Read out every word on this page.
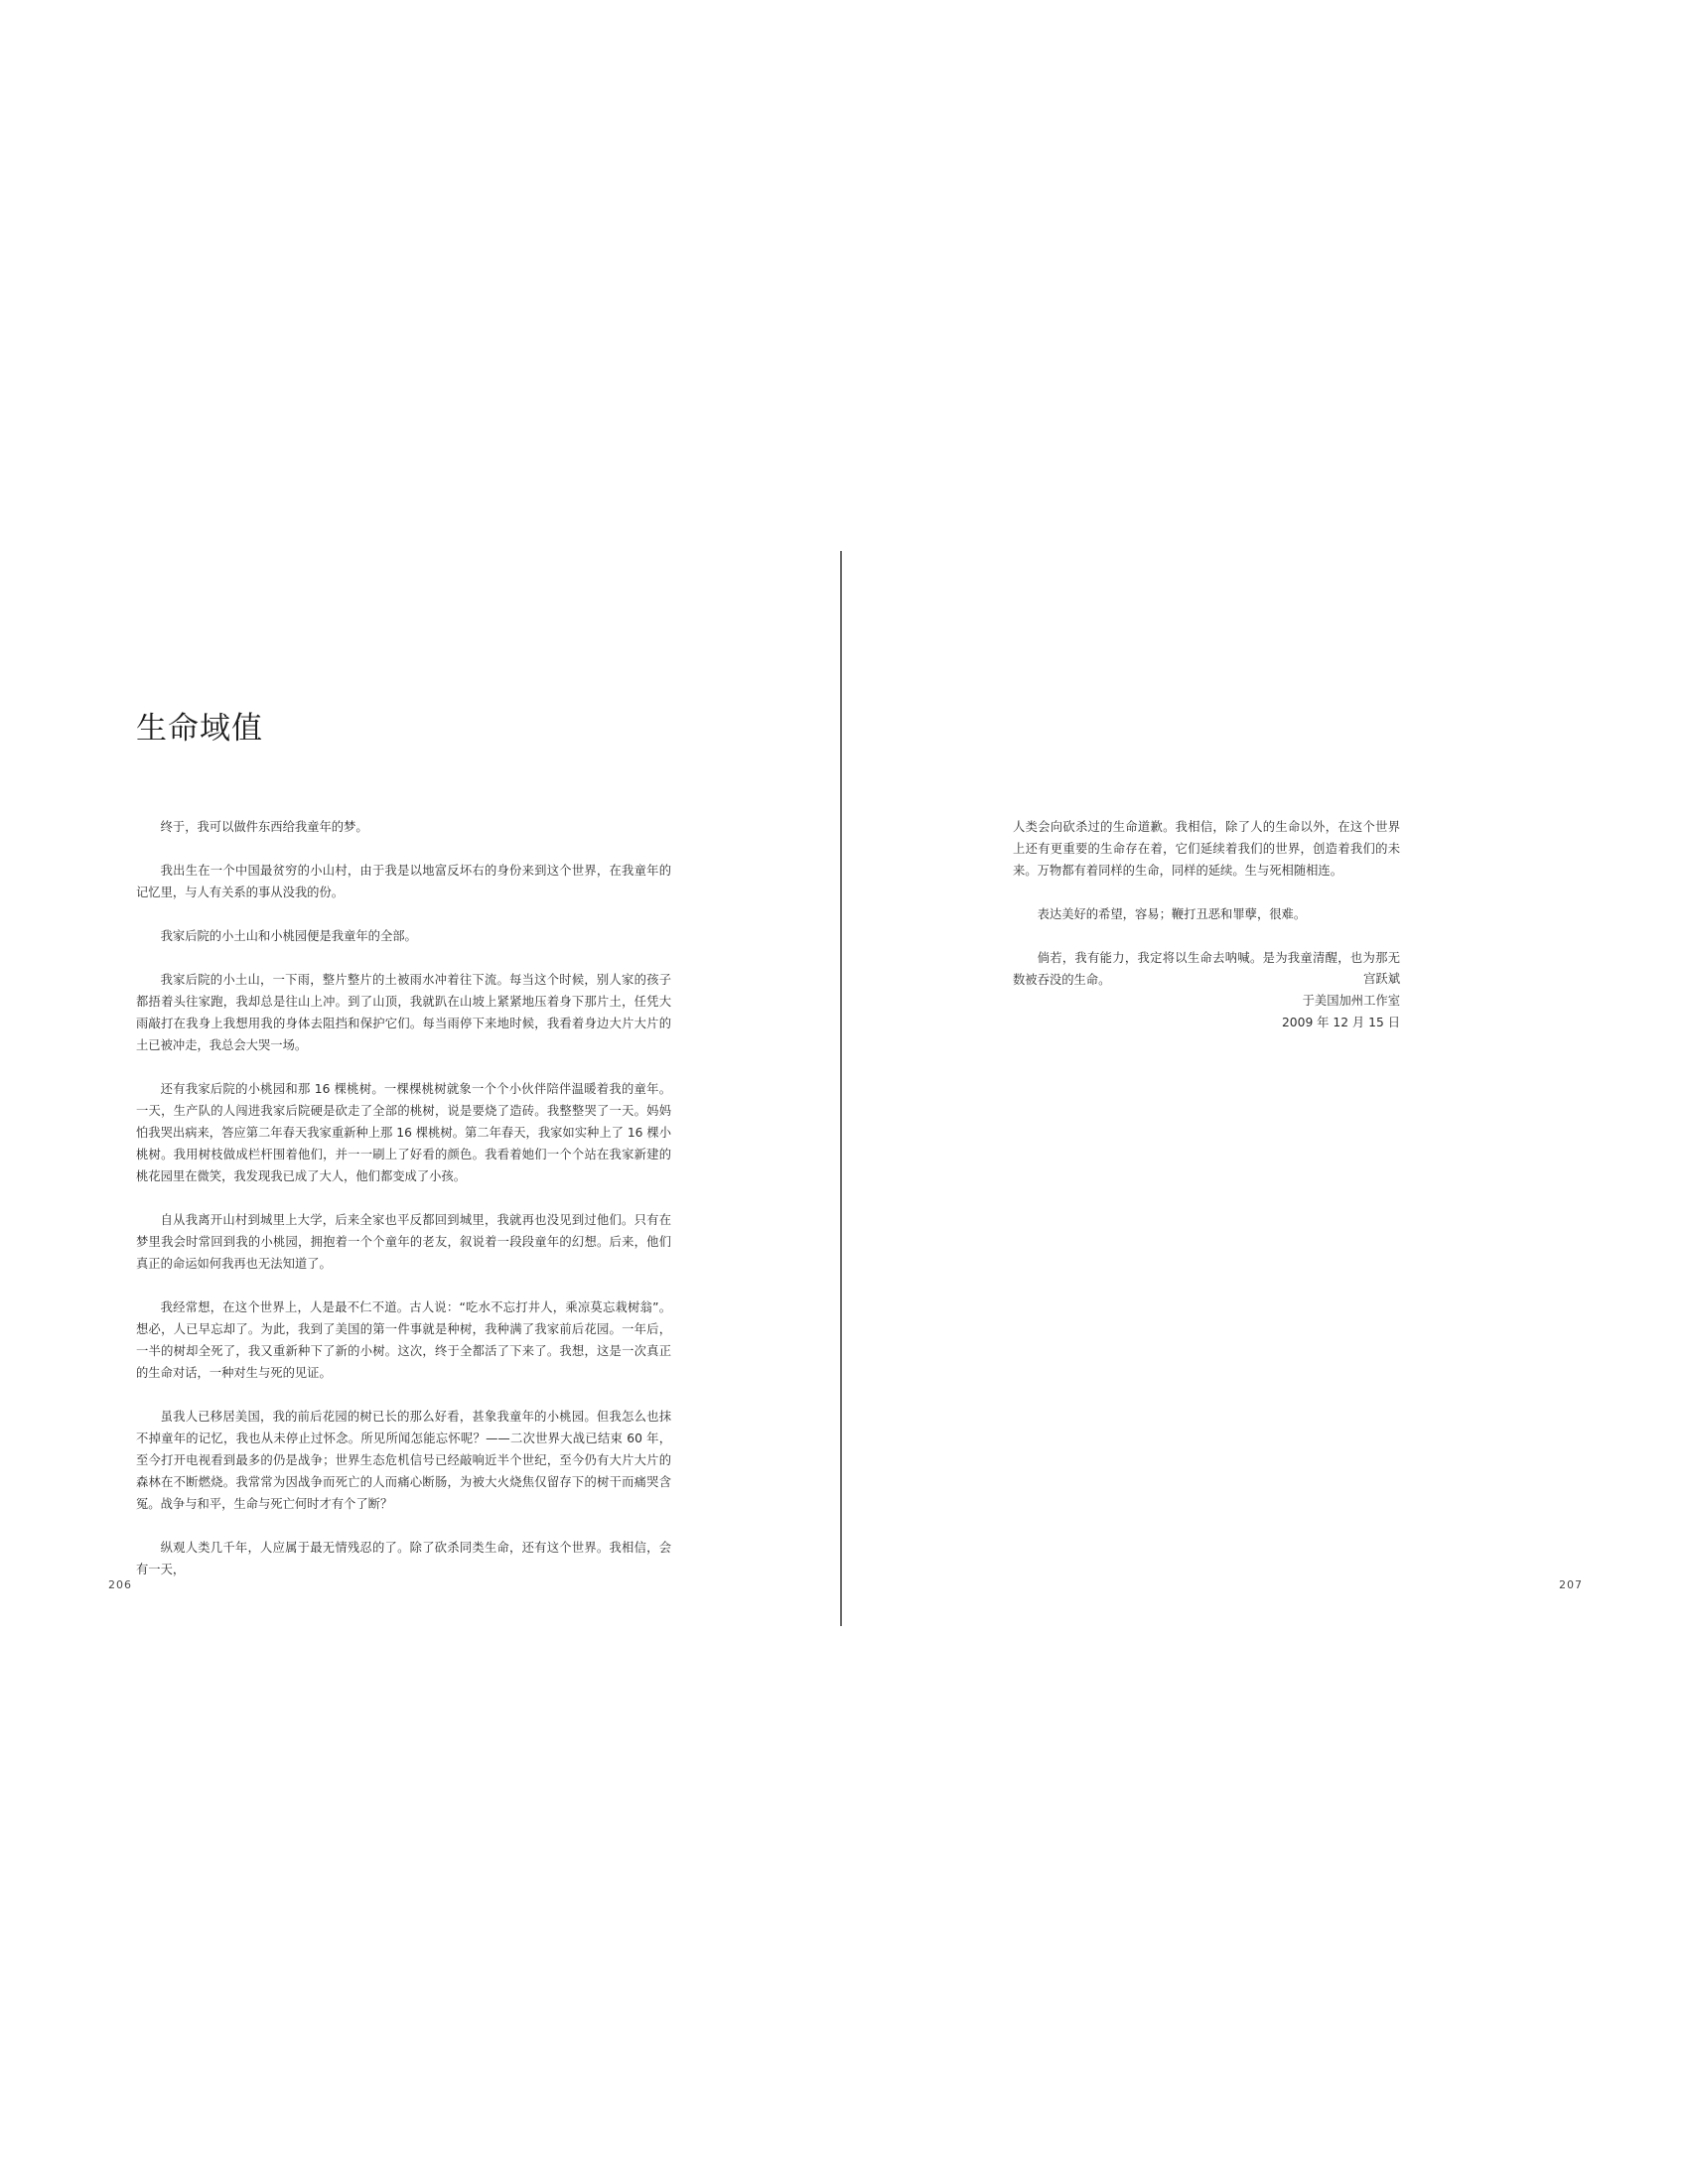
生命域值

终于，我可以做件东西给我童年的梦。

我出生在一个中国最贫穷的小山村，由于我是以地富反坏右的身份来到这个世界，在我童年的记忆里，与人有关系的事从没我的份。

我家后院的小土山和小桃园便是我童年的全部。

我家后院的小土山，一下雨，整片整片的土被雨水冲着往下流。每当这个时候，别人家的孩子都捂着头往家跑，我却总是往山上冲。到了山顶，我就趴在山坡上紧紧地压着身下那片土，任凭大雨敲打在我身上我想用我的身体去阻挡和保护它们。每当雨停下来地时候，我看着身边大片大片的土已被冲走，我总会大哭一场。

还有我家后院的小桃园和那 16 棵桃树。一棵棵桃树就象一个个小伙伴陪伴温暖着我的童年。一天，生产队的人闯进我家后院硬是砍走了全部的桃树，说是要烧了造砖。我整整哭了一天。妈妈怕我哭出病来，答应第二年春天我家重新种上那 16 棵桃树。第二年春天，我家如实种上了 16 棵小桃树。我用树枝做成栏杆围着他们，并一一刷上了好看的颜色。我看着她们一个个站在我家新建的桃花园里在微笑，我发现我已成了大人，他们都变成了小孩。

自从我离开山村到城里上大学，后来全家也平反都回到城里，我就再也没见到过他们。只有在梦里我会时常回到我的小桃园，拥抱着一个个童年的老友，叙说着一段段童年的幻想。后来，他们真正的命运如何我再也无法知道了。

我经常想，在这个世界上，人是最不仁不道。古人说：“吃水不忘打井人，乘凉莫忘栽树翁”。想必，人已早忘却了。为此，我到了美国的第一件事就是种树，我种满了我家前后花园。一年后，一半的树却全死了，我又重新种下了新的小树。这次，终于全都活了下来了。我想，这是一次真正的生命对话，一种对生与死的见证。

虽我人已移居美国，我的前后花园的树已长的那么好看，甚象我童年的小桃园。但我怎么也抹不掉童年的记忆，我也从未停止过怀念。所见所闻怎能忘怀呢？——二次世界大战已结束 60 年，至今打开电视看到最多的仍是战争；世界生态危机信号已经敲响近半个世纪，至今仍有大片大片的森林在不断燃烧。我常常为因战争而死亡的人而痛心断肠，为被大火烧焦仅留存下的树干而痛哭含冤。战争与和平，生命与死亡何时才有个了断？

纵观人类几千年，人应属于最无情残忍的了。除了砍杀同类生命，还有这个世界。我相信，会有一天，

206

人类会向砍杀过的生命道歉。我相信，除了人的生命以外，在这个世界上还有更重要的生命存在着，它们延续着我们的世界，创造着我们的未来。万物都有着同样的生命，同样的延续。生与死相随相连。

表达美好的希望，容易；鞭打丑恶和罪孽，很难。

倘若，我有能力，我定将以生命去呐喊。是为我童清醒，也为那无数被吞没的生命。	宫跃斌
于美国加州工作室
2009 年 12 月 15 日
207
